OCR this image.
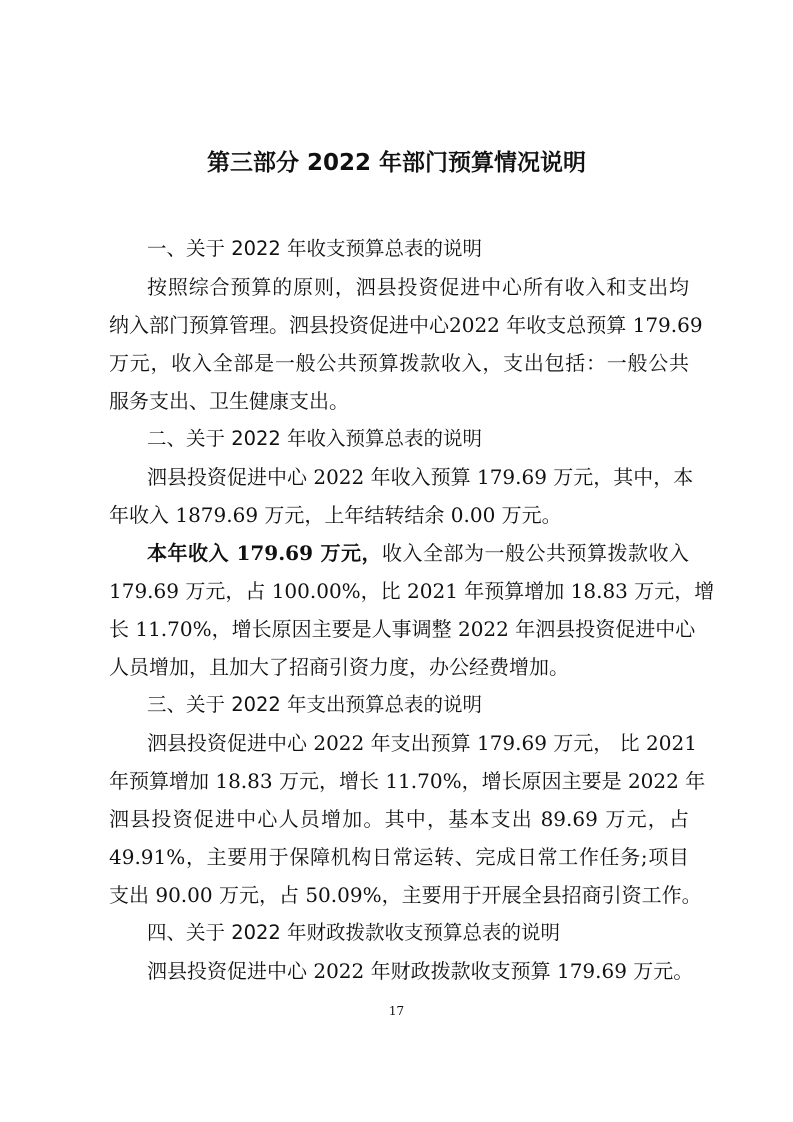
第三部分 2022 年部门预算情况说明
一、关于 2022 年收支预算总表的说明
按照综合预算的原则，泗县投资促进中心所有收入和支出均
纳入部门预算管理。泗县投资促进中心2022 年收支总预算 179.69
万元，收入全部是一般公共预算拨款收入，支出包括：一般公共
服务支出、卫生健康支出。
二、关于 2022 年收入预算总表的说明
泗县投资促进中心 2022 年收入预算 179.69 万元，其中，本
年收入 1879.69 万元，上年结转结余 0.00 万元。
本年收入 179.69 万元，收入全部为一般公共预算拨款收入
179.69 万元，占 100.00%，比 2021 年预算增加 18.83 万元，增
长 11.70%，增长原因主要是人事调整 2022 年泗县投资促进中心
人员增加，且加大了招商引资力度，办公经费增加。
三、关于 2022 年支出预算总表的说明
泗县投资促进中心 2022 年支出预算 179.69 万元， 比 2021
年预算增加 18.83 万元，增长 11.70%，增长原因主要是 2022 年
泗县投资促进中心人员增加。其中，基本支出 89.69 万元，占
49.91%，主要用于保障机构日常运转、完成日常工作任务;项目
支出 90.00 万元，占 50.09%，主要用于开展全县招商引资工作。
四、关于 2022 年财政拨款收支预算总表的说明
泗县投资促进中心 2022 年财政拨款收支预算 179.69 万元。
17
